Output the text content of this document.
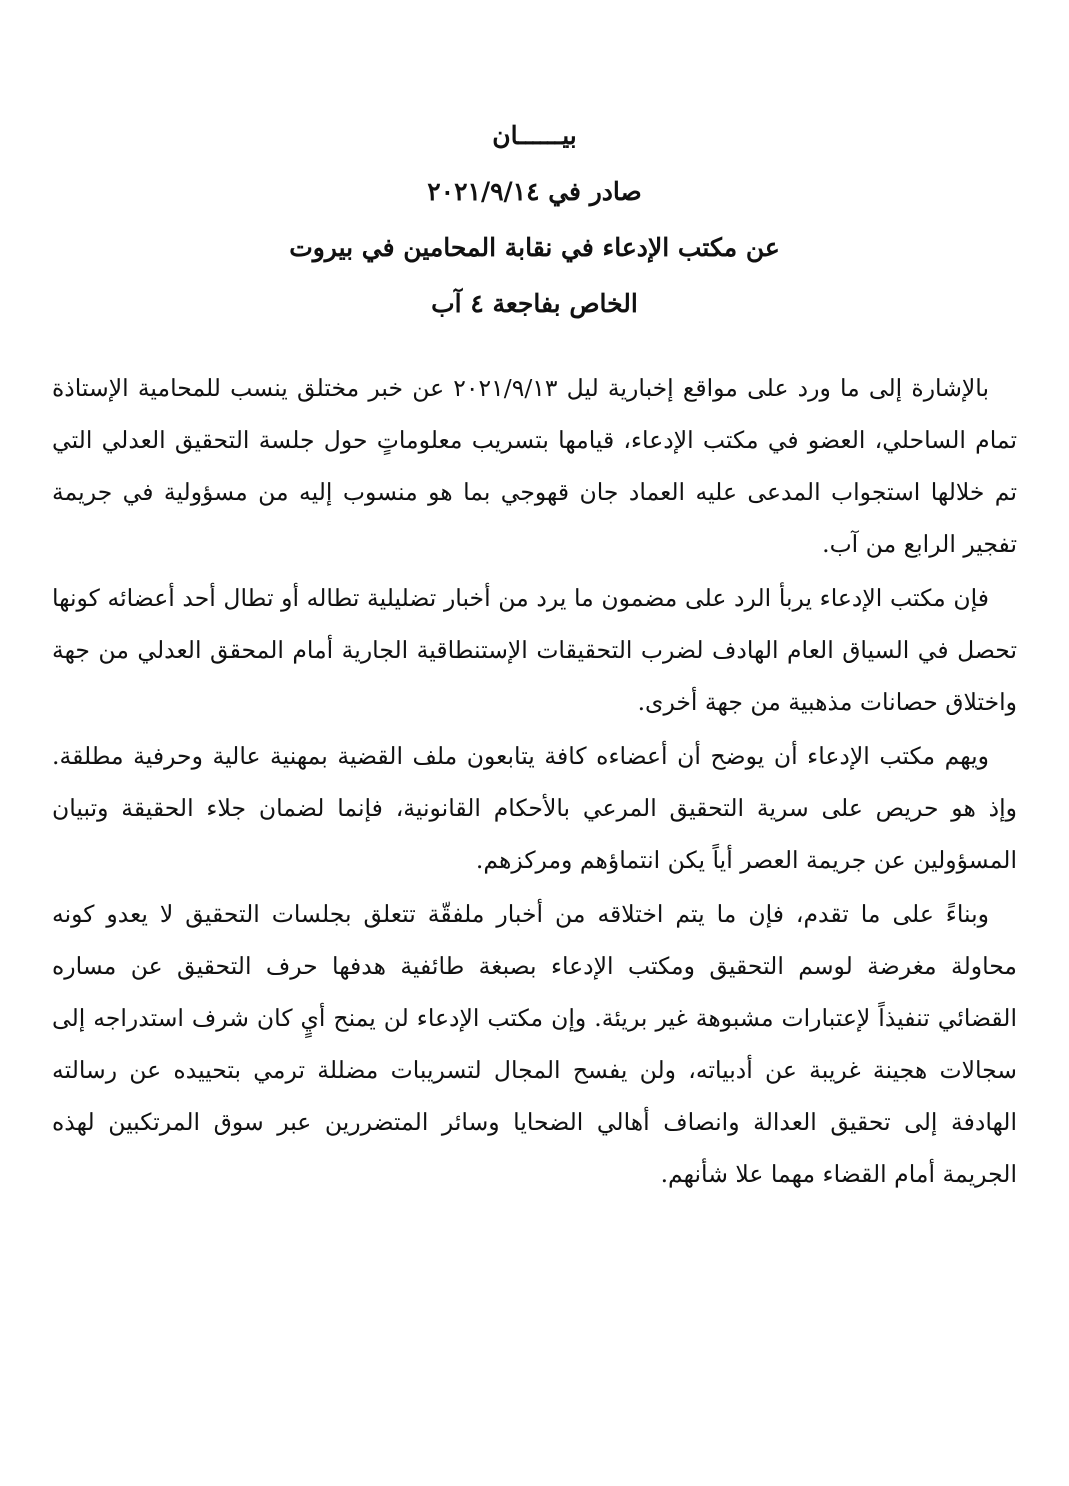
بيــــــان
صادر في ٢٠٢١/٩/١٤
عن مكتب الإدعاء في نقابة المحامين في بيروت
الخاص بفاجعة ٤ آب

بالإشارة إلى ما ورد على مواقع إخبارية ليل ٢٠٢١/٩/١٣ عن خبر مختلق ينسب للمحامية الإستاذة تمام الساحلي، العضو في مكتب الإدعاء، قيامها بتسريب معلوماتٍ حول جلسة التحقيق العدلي التي تم خلالها استجواب المدعى عليه العماد جان قهوجي بما هو منسوب إليه من مسؤولية في جريمة تفجير الرابع من آب.

فإن مكتب الإدعاء يربأ الرد على مضمون ما يرد من أخبار تضليلية تطاله أو تطال أحد أعضائه كونها تحصل في السياق العام الهادف لضرب التحقيقات الإستنطاقية الجارية أمام المحقق العدلي من جهة واختلاق حصانات مذهبية من جهة أخرى.

ويهم مكتب الإدعاء أن يوضح أن أعضاءه كافة يتابعون ملف القضية بمهنية عالية وحرفية مطلقة. وإذ هو حريص على سرية التحقيق المرعي بالأحكام القانونية، فإنما لضمان جلاء الحقيقة وتبيان المسؤولين عن جريمة العصر أياً يكن انتماؤهم ومركزهم.

وبناءً على ما تقدم، فإن ما يتم اختلاقه من أخبار ملفقّة تتعلق بجلسات التحقيق لا يعدو كونه محاولة مغرضة لوسم التحقيق ومكتب الإدعاء بصبغة طائفية هدفها حرف التحقيق عن مساره القضائي تنفيذاً لإعتبارات مشبوهة غير بريئة. وإن مكتب الإدعاء لن يمنح أيٍ كان شرف استدراجه إلى سجالات هجينة غريبة عن أدبياته، ولن يفسح المجال لتسريبات مضللة ترمي بتحييده عن رسالته الهادفة إلى تحقيق العدالة وانصاف أهالي الضحايا وسائر المتضررين عبر سوق المرتكبين لهذه الجريمة أمام القضاء مهما علا شأنهم.
